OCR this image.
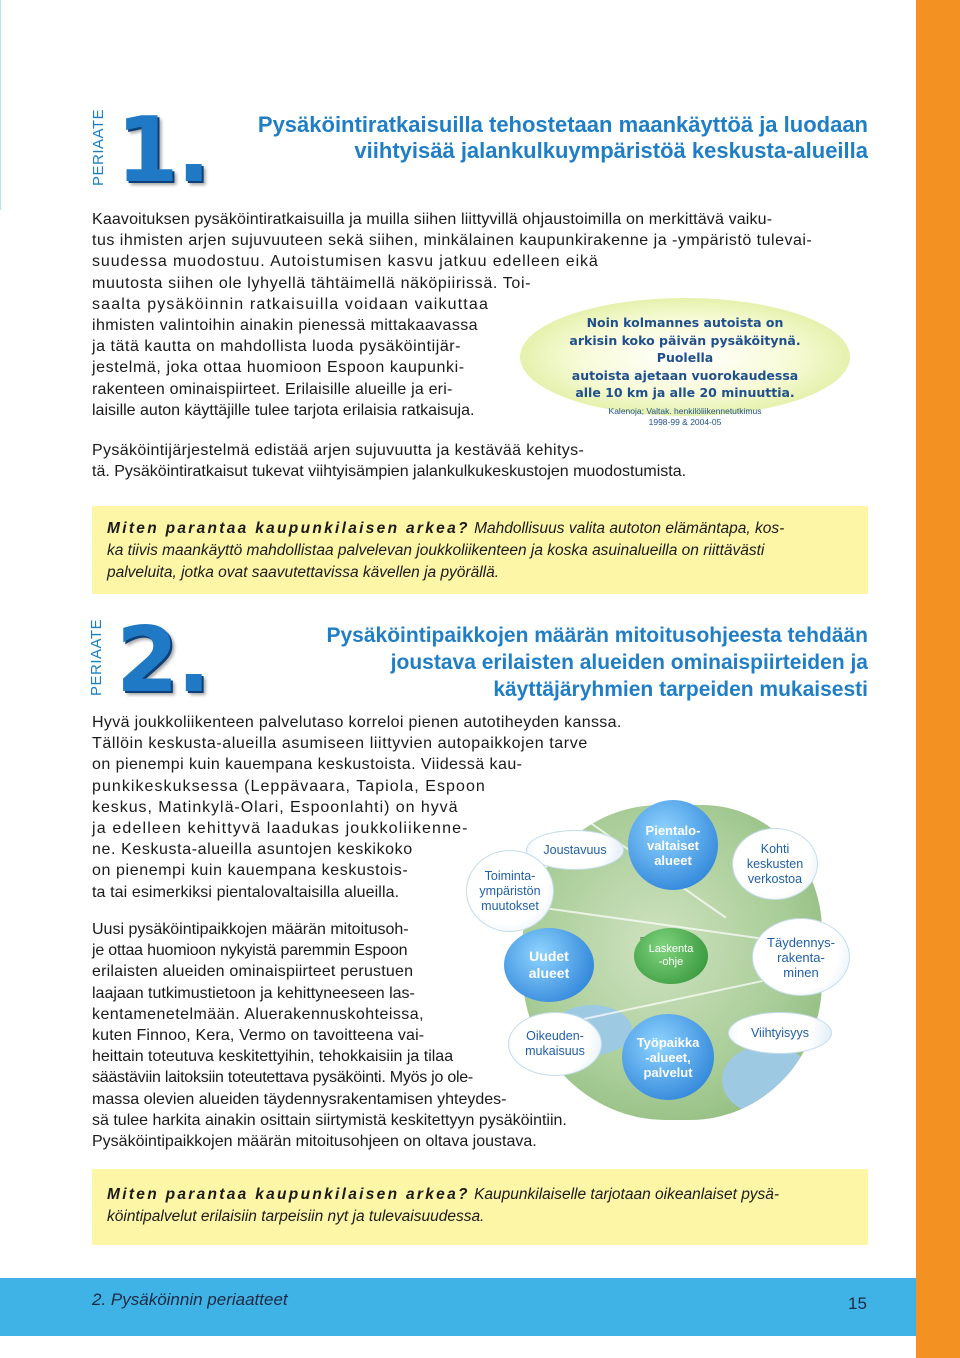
PERIAATE 1. Pysäköintiratkaisuilla tehostetaan maankäyttöä ja luodaan
viihtyisää jalankulkuympäristöä keskusta-alueilla
Kaavoituksen pysäköintiratkaisuilla ja muilla siihen liittyvillä ohjaustoimilla on merkittävä vaiku-
tus ihmisten arjen sujuvuuteen sekä siihen, minkälainen kaupunkirakenne ja -ympäristö tulevai-
suudessa muodostuu. Autoistumisen kasvu jatkuu edelleen eikä
muutosta siihen ole lyhyellä tähtäimellä näköpiirissä. Toi-
saalta pysäköinnin ratkaisuilla voidaan vaikuttaa
ihmisten valintoihin ainakin pienessä mittakaavassa
ja tätä kautta on mahdollista luoda pysäköintijär-
jestelmä, joka ottaa huomioon Espoon kaupunki-
rakenteen ominaispiirteet. Erilaisille alueille ja eri-
laisille auton käyttäjille tulee tarjota erilaisia ratkaisuja.
Pysäköintijärjestelmä edistää arjen sujuvuutta ja kestävää kehitys-
tä. Pysäköintiratkaisut tukevat viihtyisämpien jalankulkukeskustojen muodostumista.
Noin kolmannes autoista on
arkisin koko päivän pysäköitynä.
Puolella
autoista ajetaan vuorokaudessa
alle 10 km ja alle 20 minuuttia.
Kalenoja; Valtak. henkilöliikennetutkimus
1998-99 & 2004-05
Miten parantaa kaupunkilaisen arkea? Mahdollisuus valita autoton elämäntapa, kos-
ka tiivis maankäyttö mahdollistaa palvelevan joukkoliikenteen ja koska asuinalueilla on riittävästi
palveluita, jotka ovat saavutettavissa kävellen ja pyörällä.
PERIAATE 2.	Pysäköintipaikkojen määrän mitoitusohjeesta tehdään
joustava erilaisten alueiden ominaispiirteiden ja
käyttäjäryhmien tarpeiden mukaisesti
Hyvä joukkoliikenteen palvelutaso korreloi pienen autotiheyden kanssa.
Tällöin keskusta-alueilla asumiseen liittyvien autopaikkojen tarve
on pienempi kuin kauempana keskustoista. Viidessä kau-
punkikeskuksessa (Leppävaara, Tapiola, Espoon
keskus, Matinkylä-Olari, Espoonlahti) on hyvä
ja edelleen kehittyvä laadukas joukkoliikenne-
ne. Keskusta-alueilla asuntojen keskikoko
on pienempi kuin kauempana keskustois-
ta tai esimerkiksi pientalovaltaisilla alueilla.
Uusi pysäköintipaikkojen määrän mitoitusoh-
je ottaa huomioon nykyistä paremmin Espoon
erilaisten alueiden ominaispiirteet perustuen
laajaan tutkimustietoon ja kehittyneeseen las-
kentamenetelmään. Aluerakennuskohteissa,
kuten Finnoo, Kera, Vermo on tavoitteena vai-
heittain toteutuva keskitettyihin, tehokkaisiin ja tilaa
säästäviin laitoksiin toteutettava pysäköinti. Myös jo ole-
massa olevien alueiden täydennysrakentamisen yhteydes-
sä tulee harkita ainakin osittain siirtymistä keskitettyyn pysäköintiin.
Pysäköintipaikkojen määrän mitoitusohjeen on oltava joustava.
Joustavuus
Pientalo-
valtaiset
alueet
Kohti
keskusten
verkostoa
Toiminta-
ympäristön
muutokset
Uudet
alueet
Laskenta
-ohje
Täydennys-
rakenta-
minen
Oikeuden-
mukaisuus
Työpaikka
-alueet,
palvelut
Viihtyisyys
Miten parantaa kaupunkilaisen arkea? Kaupunkilaiselle tarjotaan oikeanlaiset pysä-
köintipalvelut erilaisiin tarpeisiin nyt ja tulevaisuudessa.
2. Pysäköinnin periaatteet	15
